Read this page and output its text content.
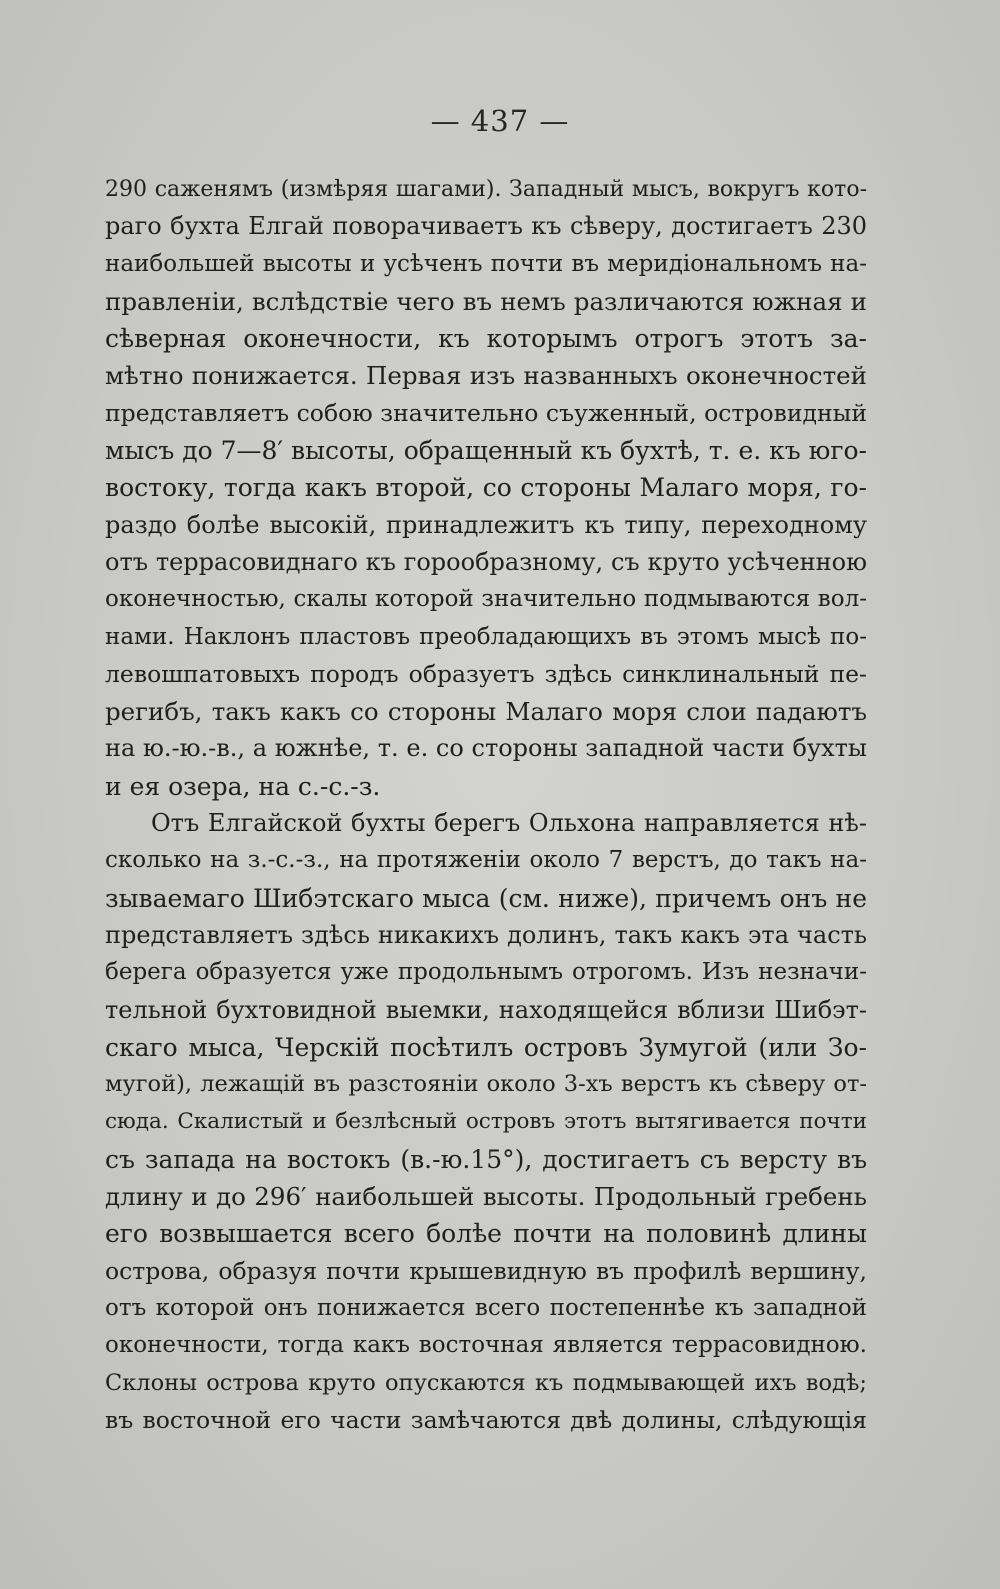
— 437 —
290 саженямъ (измѣряя шагами). Западный мысъ, вокругъ кото-
раго бухта Елгай поворачиваетъ къ сѣверу, достигаетъ 230
наибольшей высоты и усѣченъ почти въ меридіональномъ на-
правленіи, вслѣдствіе чего въ немъ различаются южная и
сѣверная оконечности, къ которымъ отрогъ этотъ за-
мѣтно понижается. Первая изъ названныхъ оконечностей
представляетъ собою значительно съуженный, островидный
мысъ до 7—8′ высоты, обращенный къ бухтѣ, т. е. къ юго-
востоку, тогда какъ второй, со стороны Малаго моря, го-
раздо болѣе высокій, принадлежитъ къ типу, переходному
отъ террасовиднаго къ горообразному, съ круто усѣченною
оконечностью, скалы которой значительно подмываются вол-
нами. Наклонъ пластовъ преобладающихъ въ этомъ мысѣ по-
левошпатовыхъ породъ образуетъ здѣсь синклинальный пе-
регибъ, такъ какъ со стороны Малаго моря слои падаютъ
на ю.-ю.-в., а южнѣе, т. е. со стороны западной части бухты
и ея озера, на с.-с.-з.
Отъ Елгайской бухты берегъ Ольхона направляется нѣ-
сколько на з.-с.-з., на протяженіи около 7 верстъ, до такъ на-
зываемаго Шибэтскаго мыса (см. ниже), причемъ онъ не
представляетъ здѣсь никакихъ долинъ, такъ какъ эта часть
берега образуется уже продольнымъ отрогомъ. Изъ незначи-
тельной бухтовидной выемки, находящейся вблизи Шибэт-
скаго мыса, Черскій посѣтилъ островъ Зумугой (или Зо-
мугой), лежащій въ разстояніи около 3-хъ верстъ къ сѣверу от-
сюда. Скалистый и безлѣсный островъ этотъ вытягивается почти
съ запада на востокъ (в.-ю.15°), достигаетъ съ версту въ
длину и до 296′ наибольшей высоты. Продольный гребень
его возвышается всего болѣе почти на половинѣ длины
острова, образуя почти крышевидную въ профилѣ вершину,
отъ которой онъ понижается всего постепеннѣе къ западной
оконечности, тогда какъ восточная является террасовидною.
Склоны острова круто опускаются къ подмывающей ихъ водѣ;
въ восточной его части замѣчаются двѣ долины, слѣдующія
